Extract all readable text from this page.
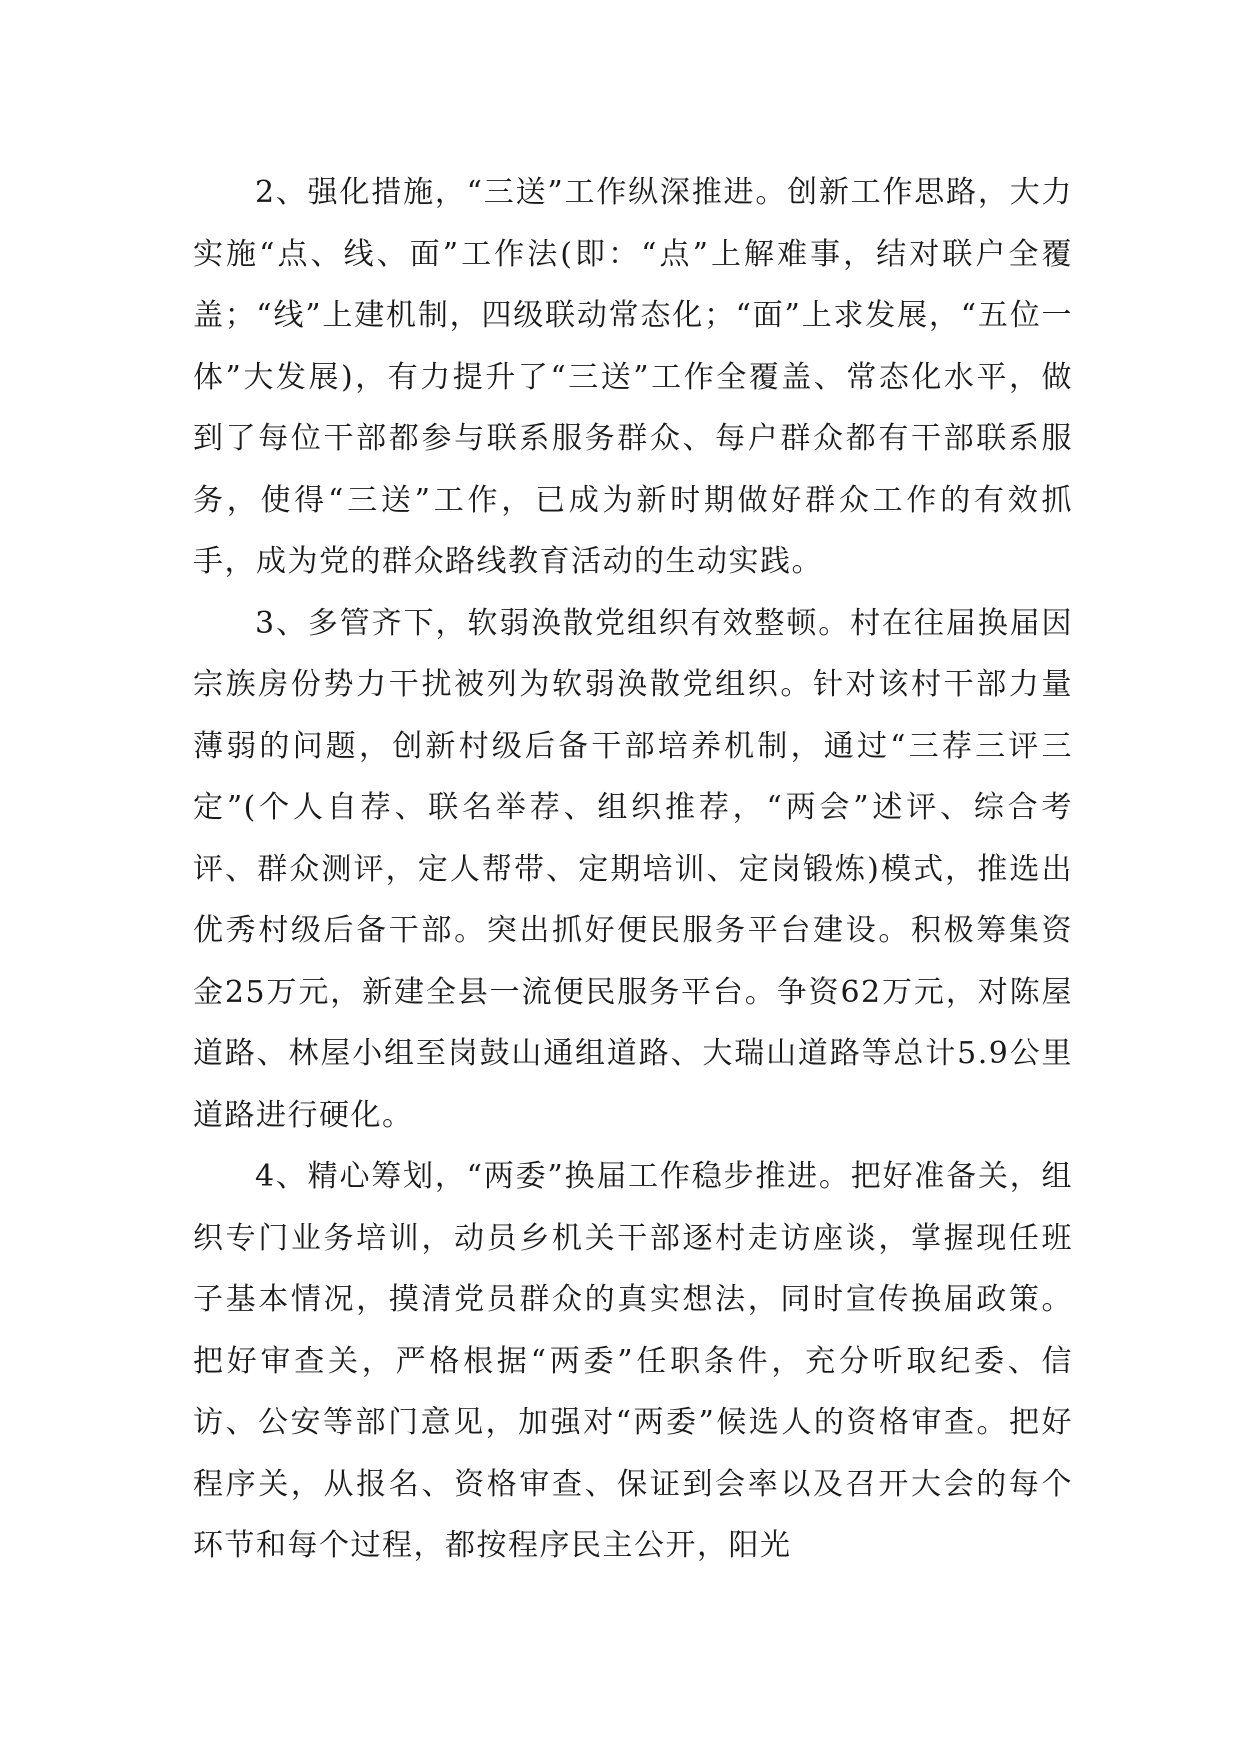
2、强化措施，“三送”工作纵深推进。创新工作思路，大力实施“点、线、面”工作法(即：“点”上解难事，结对联户全覆盖；“线”上建机制，四级联动常态化；“面”上求发展，“五位一体”大发展)，有力提升了“三送”工作全覆盖、常态化水平，做到了每位干部都参与联系服务群众、每户群众都有干部联系服务，使得“三送”工作，已成为新时期做好群众工作的有效抓手，成为党的群众路线教育活动的生动实践。

3、多管齐下，软弱涣散党组织有效整顿。村在往届换届因宗族房份势力干扰被列为软弱涣散党组织。针对该村干部力量薄弱的问题，创新村级后备干部培养机制，通过“三荐三评三定”(个人自荐、联名举荐、组织推荐，“两会”述评、综合考评、群众测评，定人帮带、定期培训、定岗锻炼)模式，推选出优秀村级后备干部。突出抓好便民服务平台建设。积极筹集资金25万元，新建全县一流便民服务平台。争资62万元，对陈屋道路、林屋小组至岗鼓山通组道路、大瑞山道路等总计5.9公里道路进行硬化。

4、精心筹划，“两委”换届工作稳步推进。把好准备关，组织专门业务培训，动员乡机关干部逐村走访座谈，掌握现任班子基本情况，摸清党员群众的真实想法，同时宣传换届政策。把好审查关，严格根据“两委”任职条件，充分听取纪委、信访、公安等部门意见，加强对“两委”候选人的资格审查。把好程序关，从报名、资格审查、保证到会率以及召开大会的每个环节和每个过程，都按程序民主公开，阳光
